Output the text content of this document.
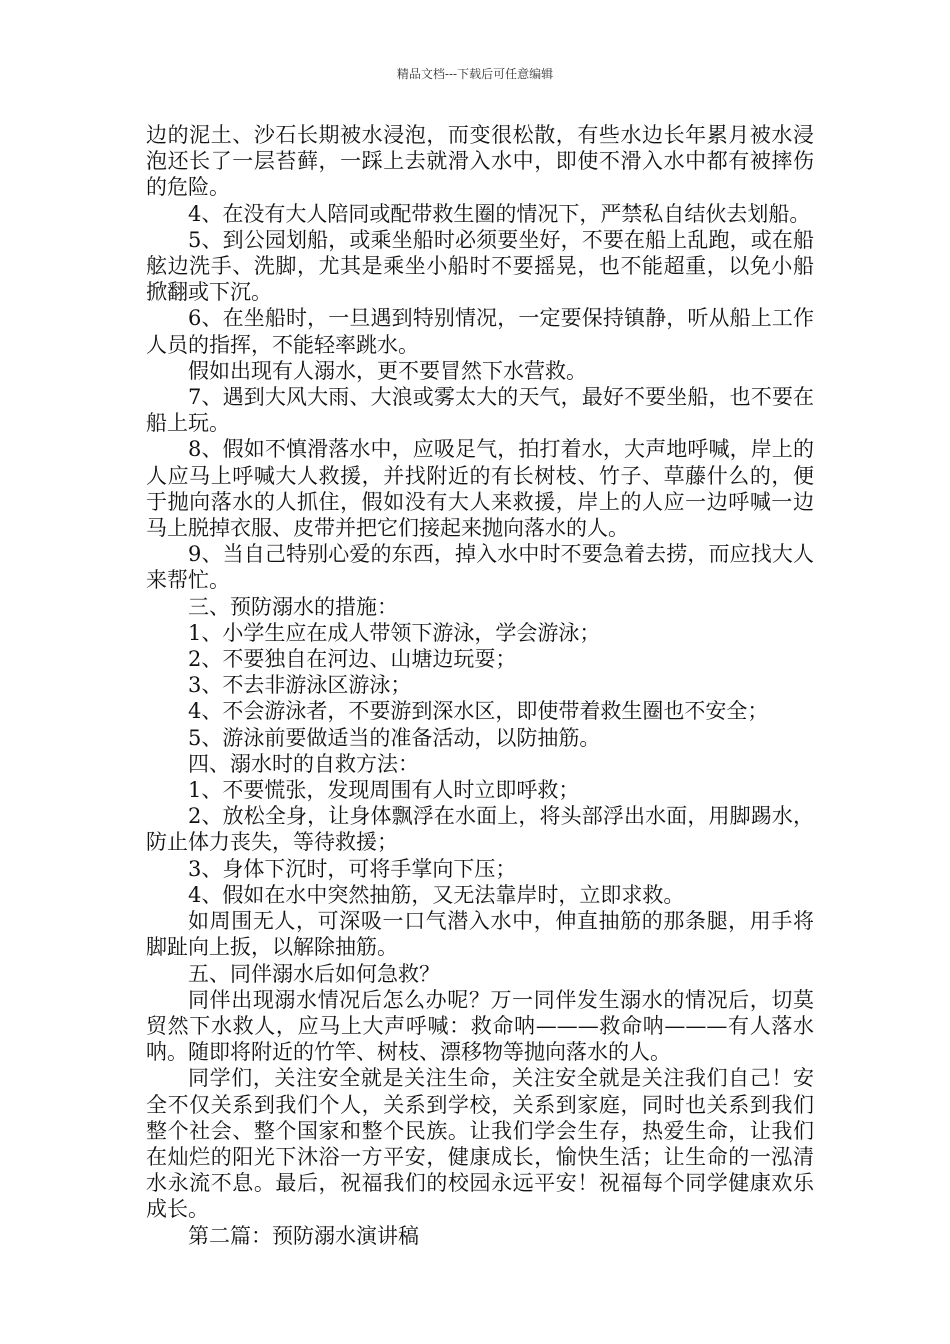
精品文档---下载后可任意编辑

边的泥土、沙石长期被水浸泡，而变很松散，有些水边长年累月被水浸泡还长了一层苔藓，一踩上去就滑入水中，即使不滑入水中都有被摔伤的危险。

4、在没有大人陪同或配带救生圈的情况下，严禁私自结伙去划船。

5、到公园划船，或乘坐船时必须要坐好，不要在船上乱跑，或在船舷边洗手、洗脚，尤其是乘坐小船时不要摇晃，也不能超重，以免小船掀翻或下沉。

6、在坐船时，一旦遇到特别情况，一定要保持镇静，听从船上工作人员的指挥，不能轻率跳水。

假如出现有人溺水，更不要冒然下水营救。

7、遇到大风大雨、大浪或雾太大的天气，最好不要坐船，也不要在船上玩。

8、假如不慎滑落水中，应吸足气，拍打着水，大声地呼喊，岸上的人应马上呼喊大人救援，并找附近的有长树枝、竹子、草藤什么的，便于抛向落水的人抓住，假如没有大人来救援，岸上的人应一边呼喊一边马上脱掉衣服、皮带并把它们接起来抛向落水的人。

9、当自己特别心爱的东西，掉入水中时不要急着去捞，而应找大人来帮忙。

三、预防溺水的措施：

1、小学生应在成人带领下游泳，学会游泳；

2、不要独自在河边、山塘边玩耍；

3、不去非游泳区游泳；

4、不会游泳者，不要游到深水区，即使带着救生圈也不安全；

5、游泳前要做适当的准备活动，以防抽筋。

四、溺水时的自救方法：

1、不要慌张，发现周围有人时立即呼救；

2、放松全身，让身体飘浮在水面上，将头部浮出水面，用脚踢水，防止体力丧失，等待救援；

3、身体下沉时，可将手掌向下压；

4、假如在水中突然抽筋，又无法靠岸时，立即求救。

如周围无人，可深吸一口气潜入水中，伸直抽筋的那条腿，用手将脚趾向上扳，以解除抽筋。

五、同伴溺水后如何急救？

同伴出现溺水情况后怎么办呢？万一同伴发生溺水的情况后，切莫贸然下水救人，应马上大声呼喊：救命呐———救命呐———有人落水呐。随即将附近的竹竿、树枝、漂移物等抛向落水的人。

同学们，关注安全就是关注生命，关注安全就是关注我们自己！安全不仅关系到我们个人，关系到学校，关系到家庭，同时也关系到我们整个社会、整个国家和整个民族。让我们学会生存，热爱生命，让我们在灿烂的阳光下沐浴一方平安，健康成长，愉快生活；让生命的一泓清水永流不息。最后，祝福我们的校园永远平安！祝福每个同学健康欢乐成长。

第二篇：预防溺水演讲稿
